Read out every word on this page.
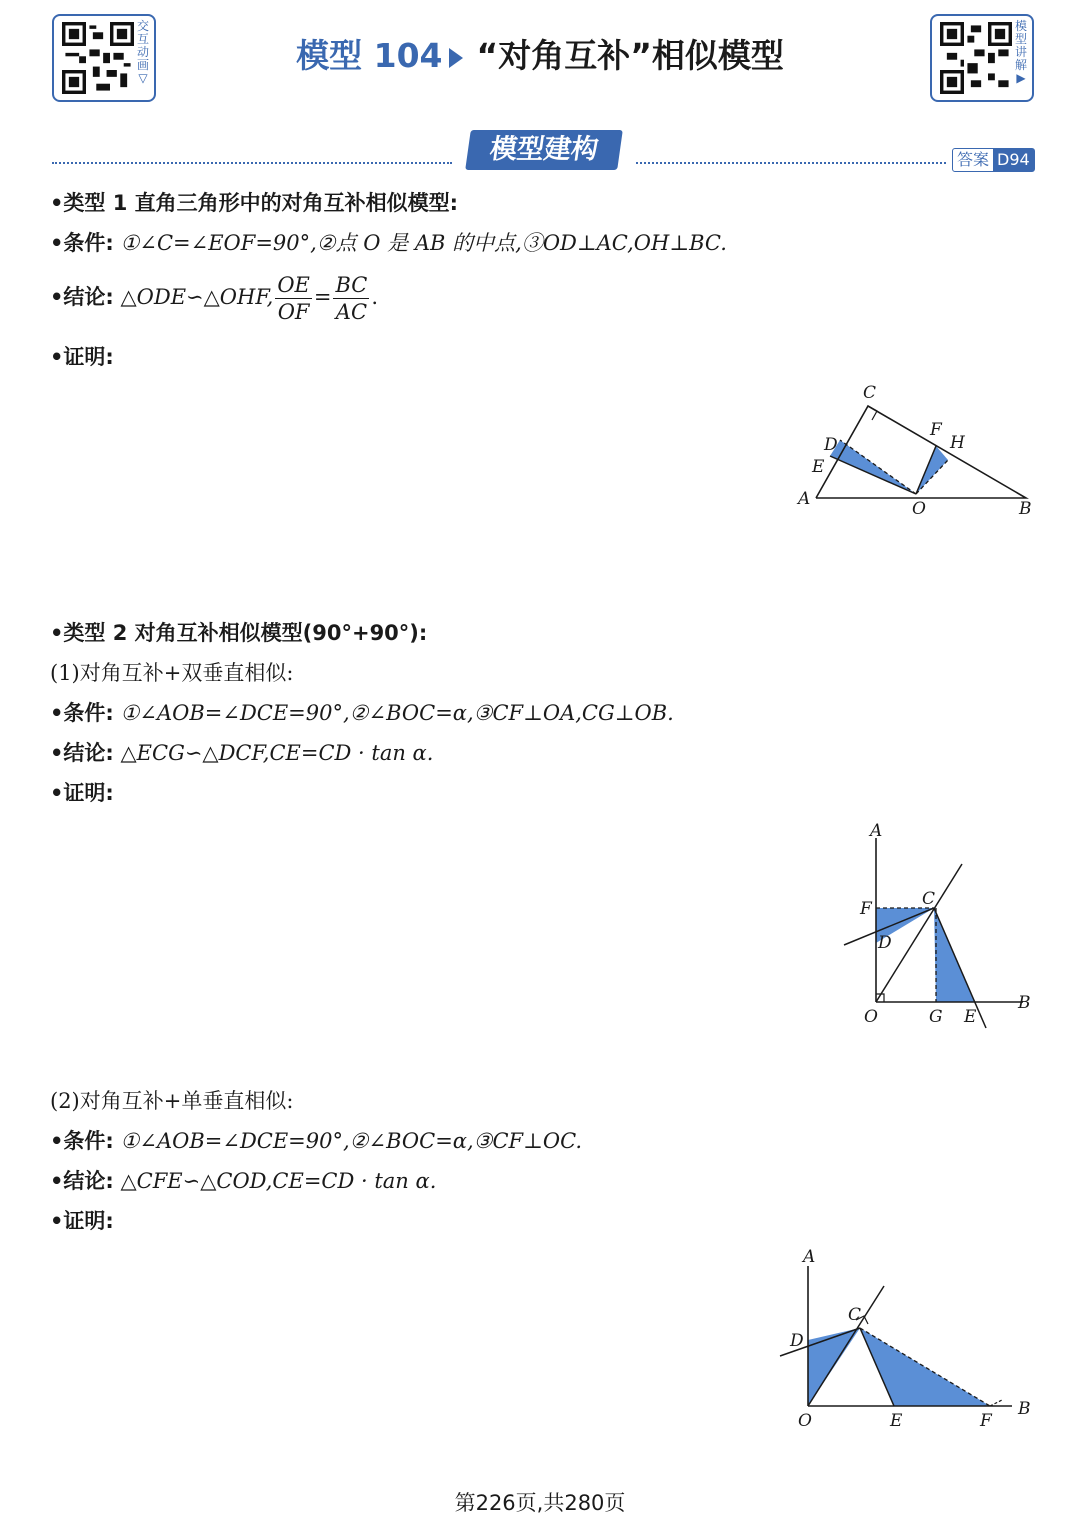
交互动画▽
模型讲解▶
模型 104 “对角互补”相似模型
模型建构	答案 D94
•类型 1 直角三角形中的对角互补相似模型:
•条件: ①∠C=∠EOF=90°,②点 O 是 AB 的中点,③OD⊥AC,OH⊥BC.
•结论: △ODE∽△OHF, $\frac{OE}{OF} = \frac{BC}{AC}$ .
•证明:
C
F
H
D
E
A	O	B
•类型 2 对角互补相似模型(90°+90°):
(1)对角互补+双垂直相似:
•条件: ①∠AOB=∠DCE=90°,②∠BOC=α,③CF⊥OA,CG⊥OB.
•结论: △ECG∽△DCF,CE=CD · tan α.
•证明:
A
F	C
D
O	G E
B
(2)对角互补+单垂直相似:
•条件: ①∠AOB=∠DCE=90°,②∠BOC=α,③CF⊥OC.
•结论: △CFE∽△COD,CE=CD · tan α.
•证明:
A
C
D
O	E	F
B
第226页,共280页
